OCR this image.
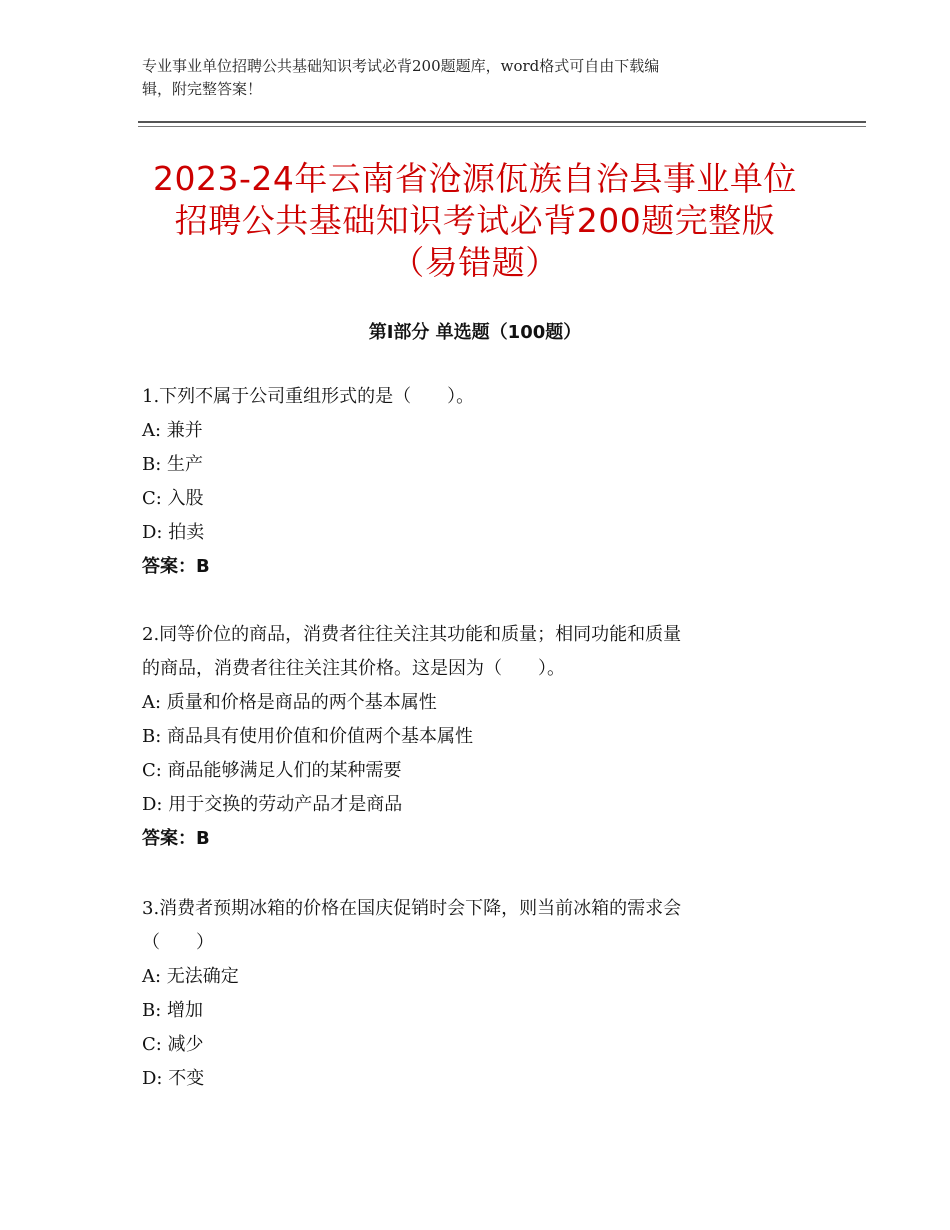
专业事业单位招聘公共基础知识考试必背200题题库，word格式可自由下载编
辑，附完整答案！
2023-24年云南省沧源佤族自治县事业单位
招聘公共基础知识考试必背200题完整版
（易错题）
第Ⅰ部分 单选题（100题）
1.下列不属于公司重组形式的是（　　）。
A: 兼并
B: 生产
C: 入股
D: 拍卖
答案：B
2.同等价位的商品，消费者往往关注其功能和质量；相同功能和质量
的商品，消费者往往关注其价格。这是因为（　　）。
A: 质量和价格是商品的两个基本属性
B: 商品具有使用价值和价值两个基本属性
C: 商品能够满足人们的某种需要
D: 用于交换的劳动产品才是商品
答案：B
3.消费者预期冰箱的价格在国庆促销时会下降，则当前冰箱的需求会
（　　）
A: 无法确定
B: 增加
C: 减少
D: 不变
